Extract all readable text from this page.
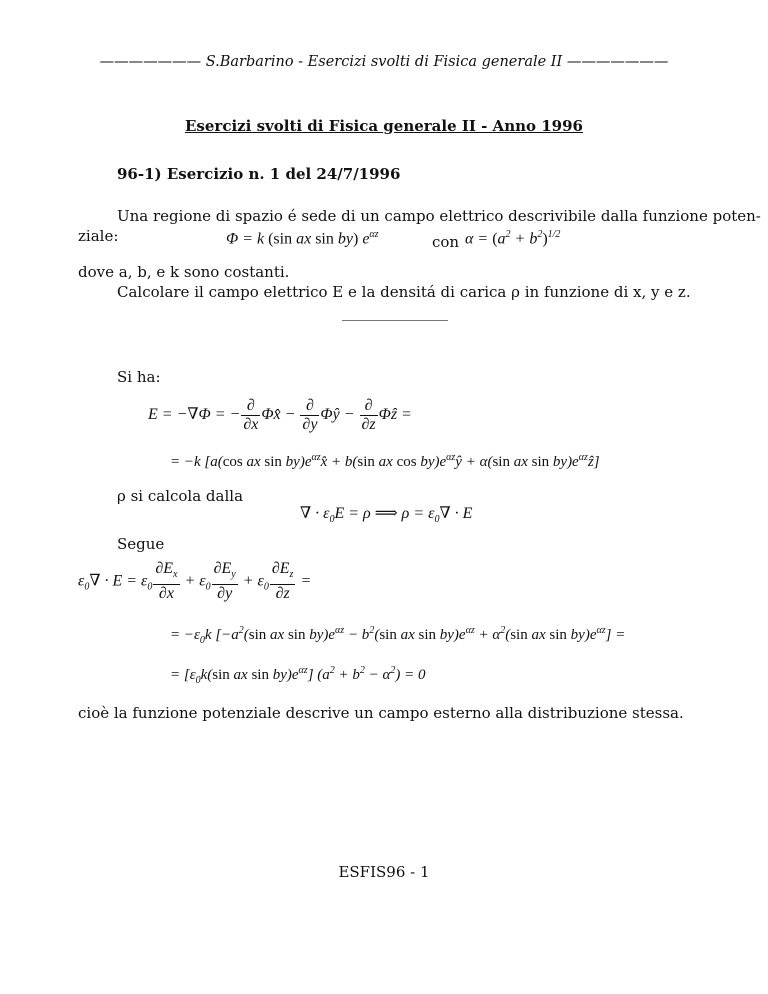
——————— S.Barbarino - Esercizi svolti di Fisica generale II ———————
Esercizi svolti di Fisica generale II - Anno 1996
96-1) Esercizio n. 1 del 24/7/1996
Una regione di spazio é sede di un campo elettrico descrivibile dalla funzione poten-
ziale:	Φ = k (sin ax sin by) $e^{\alpha z}$	con $\alpha = (a^2 + b^2)^{1/2}$
dove a, b, e k sono costanti.
Calcolare il campo elettrico E e la densitá di carica ρ in funzione di x, y e z.
Si ha:
E = −∇Φ = − $\frac{\partial}{\partial x}$ Φx̂ − $\frac{\partial}{\partial y}$ Φŷ − $\frac{\partial}{\partial z}$ Φẑ =
= −k [a(cos ax $\sin by)e^{\alpha z}x̂ + b(\sin$ ax $\cos by)e^{\alpha z}ŷ + \alpha(\sin$ ax $\sin by)e^{\alpha z}ẑ$]
ρ si calcola dalla
∇ · $\varepsilon_0E = \rho$ ⟹ $\rho = \varepsilon_0\nabla \cdot E$
Segue
$\varepsilon_0\nabla \cdot E = \varepsilon_0 \frac{\partial E_x}{\partial x} + \varepsilon_0 \frac{\partial E_y}{\partial y} + \varepsilon_0 \frac{\partial E_z}{\partial z}$ =
= $-\varepsilon_0k$ [$-a^2(\sin$ ax $\sin by)e^{\alpha z} - b^2(\sin$ ax $\sin by)e^{\alpha z} + \alpha^2(\sin$ ax $\sin by)e^{\alpha z}$] =
= [$\varepsilon_0k(\sin$ ax $\sin by)e^{\alpha z}$] $(a^2 + b^2 - \alpha^2) = 0$
cioè la funzione potenziale descrive un campo esterno alla distribuzione stessa.
ESFIS96 - 1
